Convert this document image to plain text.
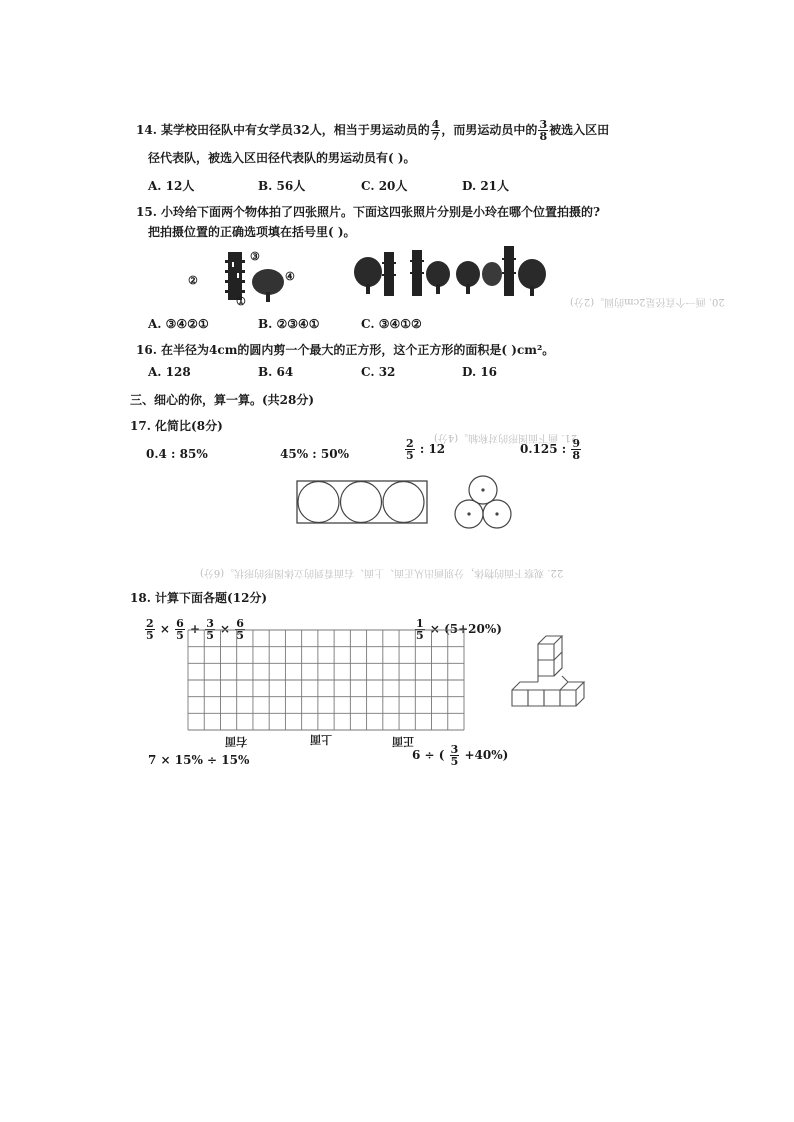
14. 某学校田径队中有女学员32人，相当于男运动员的 $\frac{4}{7}$ ，而男运动员中的 $\frac{3}{8}$ 被选入区田
径代表队，被选入区田径代表队的男运动员有( )。
A. 12人	B. 56人	C. 20人	D. 21人
15. 小玲给下面两个物体拍了四张照片。下面这四张照片分别是小玲在哪个位置拍摄的?
把拍摄位置的正确选项填在括号里( )。
②
③
④
①
A. ③④②①	B. ②③④①	C. ③④①②
16. 在半径为4cm的圆内剪一个最大的正方形，这个正方形的面积是( )cm²。
A. 128	B. 64	C. 32	D. 16
三、细心的你，算一算。(共28分)
17. 化简比(8分)
0.4 : 85%	45% : 50%	$\frac{2}{5}$ : 12	0.125 : $\frac{9}{8}$
21. 画下面图形的对称轴。(4分)
22. 观察下面的物体，分别画出从正面、上面、右面看到的立体图形的形状。(6分)
20. 画一个直径是2cm的圆。(2分)
18. 计算下面各题(12分)
$\frac{2}{5} \times \frac{6}{5} + \frac{3}{5} \times \frac{6}{5}$	$\frac{1}{5} \times (5+20\%)$
右面	上面	正面
7 × 15% ÷ 15%	6 ÷ ( $\frac{3}{5} +40\%$)
